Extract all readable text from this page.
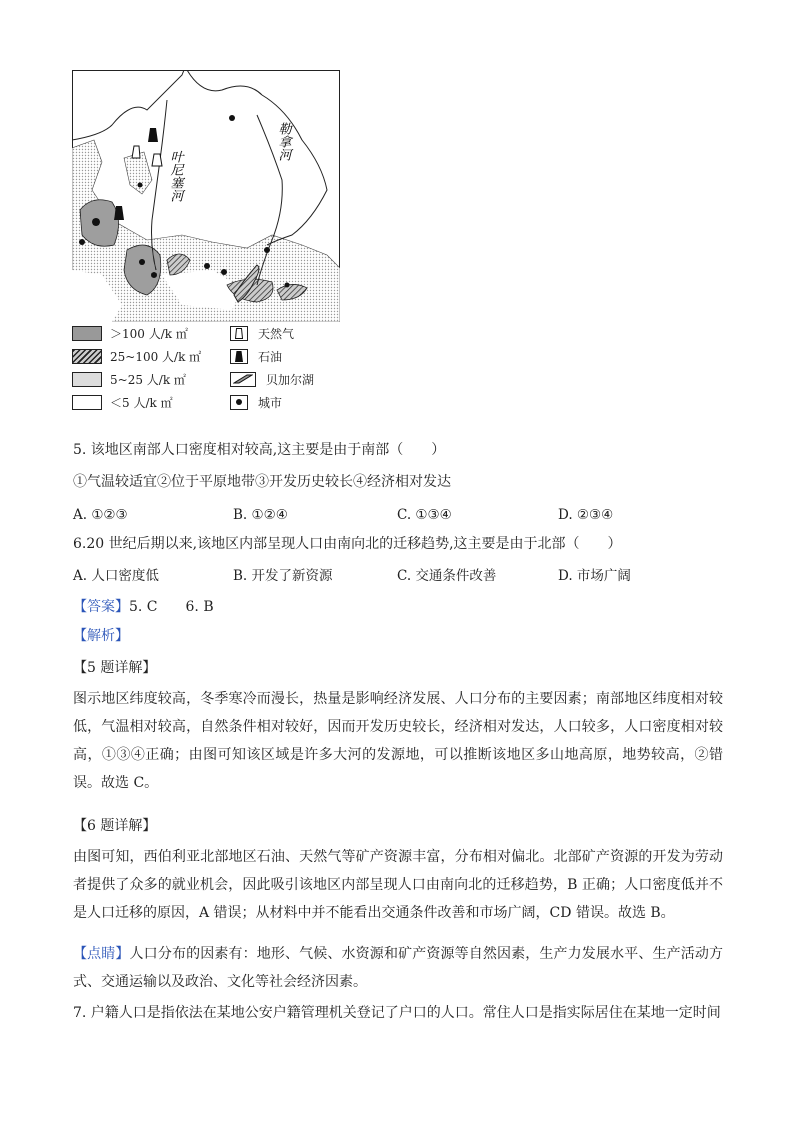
叶尼塞河
勒拿河
＞100 人/k ㎡
25~100 人/k ㎡
5~25 人/k ㎡
＜5 人/k ㎡
天然气
石油
贝加尔湖
城市
5. 该地区南部人口密度相对较高,这主要是由于南部（　　）
①气温较适宜②位于平原地带③开发历史较长④经济相对发达
A. ①②③	B. ①②④	C. ①③④	D. ②③④
6.20 世纪后期以来,该地区内部呈现人口由南向北的迁移趋势,这主要是由于北部（　　）
A. 人口密度低	B. 开发了新资源	C. 交通条件改善	D. 市场广阔
【答案】5. C　　6. B
【解析】
【5 题详解】
图示地区纬度较高，冬季寒冷而漫长，热量是影响经济发展、人口分布的主要因素；南部地区纬度相对较低，气温相对较高，自然条件相对较好，因而开发历史较长，经济相对发达，人口较多，人口密度相对较高，①③④正确；由图可知该区域是许多大河的发源地，可以推断该地区多山地高原，地势较高，②错误。故选 C。
【6 题详解】
由图可知，西伯利亚北部地区石油、天然气等矿产资源丰富，分布相对偏北。北部矿产资源的开发为劳动者提供了众多的就业机会，因此吸引该地区内部呈现人口由南向北的迁移趋势，B 正确；人口密度低并不是人口迁移的原因，A 错误；从材料中并不能看出交通条件改善和市场广阔，CD 错误。故选 B。
【点睛】人口分布的因素有：地形、气候、水资源和矿产资源等自然因素，生产力发展水平、生产活动方式、交通运输以及政治、文化等社会经济因素。
7. 户籍人口是指依法在某地公安户籍管理机关登记了户口的人口。常住人口是指实际居住在某地一定时间
